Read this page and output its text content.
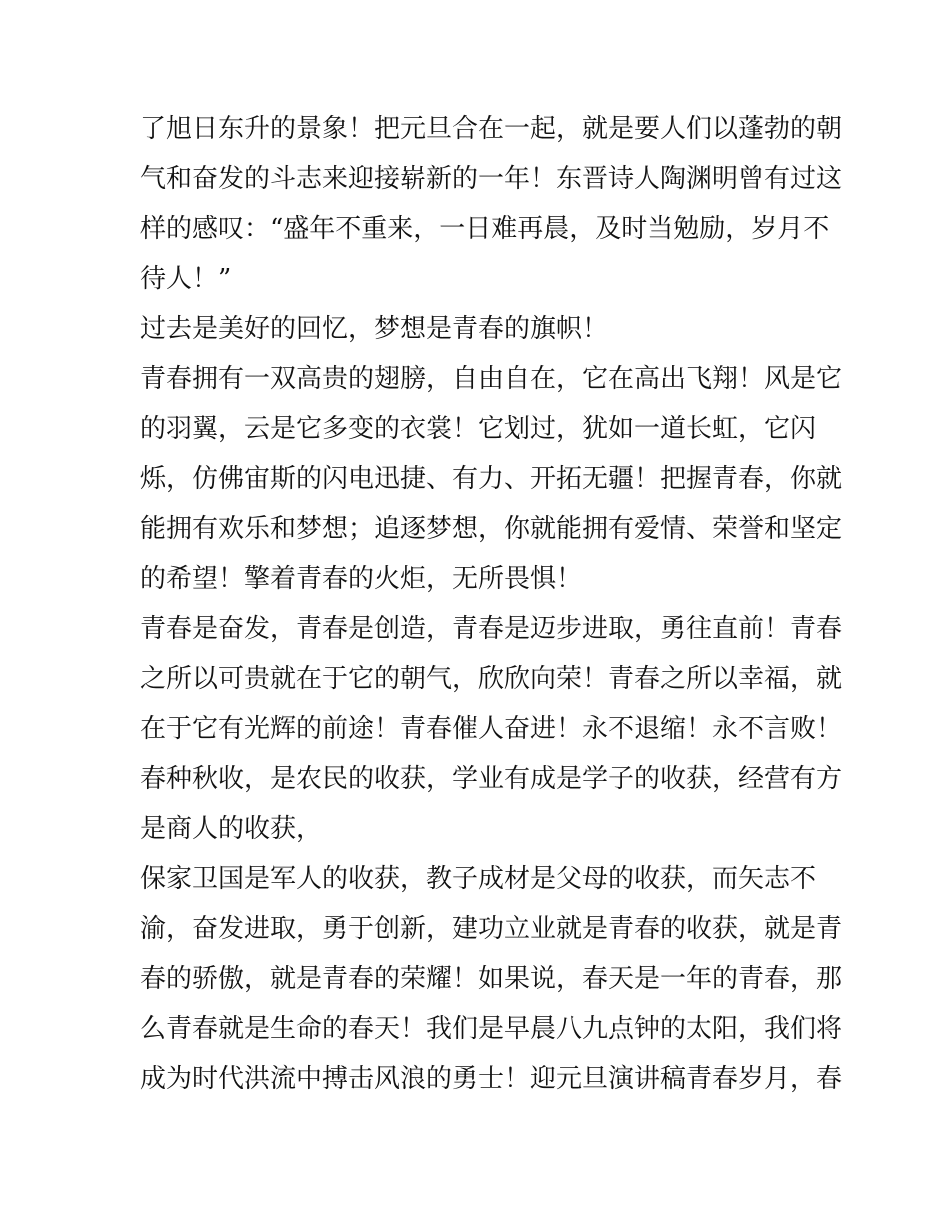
了旭日东升的景象！把元旦合在一起，就是要人们以蓬勃的朝

气和奋发的斗志来迎接崭新的一年！东晋诗人陶渊明曾有过这

样的感叹：“盛年不重来，一日难再晨，及时当勉励，岁月不

待人！”

过去是美好的回忆，梦想是青春的旗帜！

青春拥有一双高贵的翅膀，自由自在，它在高出飞翔！风是它

的羽翼，云是它多变的衣裳！它划过，犹如一道长虹，它闪

烁，仿佛宙斯的闪电迅捷、有力、开拓无疆！把握青春，你就

能拥有欢乐和梦想；追逐梦想，你就能拥有爱情、荣誉和坚定

的希望！擎着青春的火炬，无所畏惧！

青春是奋发，青春是创造，青春是迈步进取，勇往直前！青春

之所以可贵就在于它的朝气，欣欣向荣！青春之所以幸福，就

在于它有光辉的前途！青春催人奋进！永不退缩！永不言败！

春种秋收，是农民的收获，学业有成是学子的收获，经营有方

是商人的收获，

保家卫国是军人的收获，教子成材是父母的收获，而矢志不

渝，奋发进取，勇于创新，建功立业就是青春的收获，就是青

春的骄傲，就是青春的荣耀！如果说，春天是一年的青春，那

么青春就是生命的春天！我们是早晨八九点钟的太阳，我们将

成为时代洪流中搏击风浪的勇士！迎元旦演讲稿青春岁月，春
